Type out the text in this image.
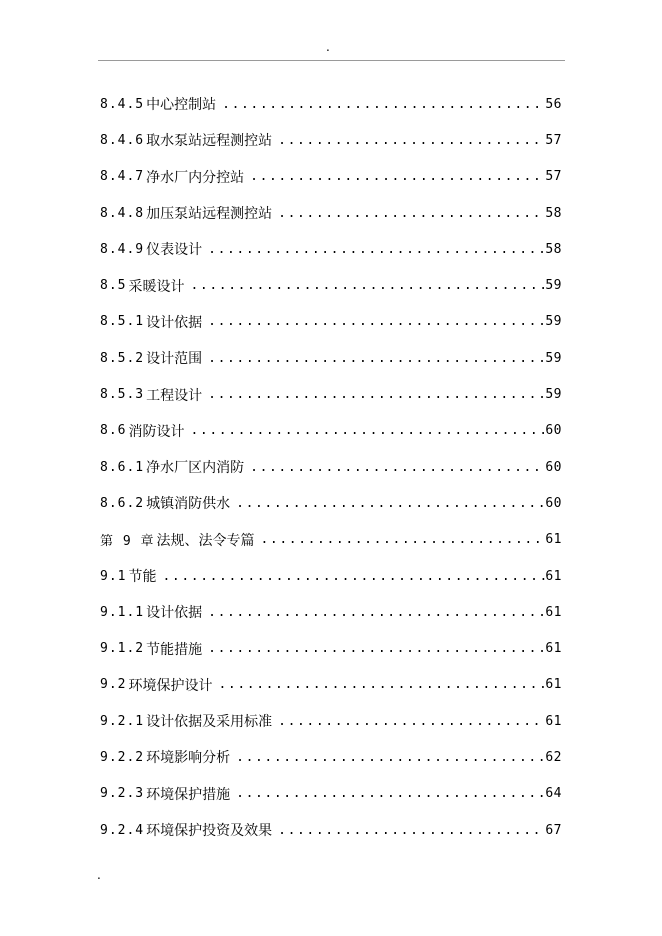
.
8.4.5 中心控制站 .....	56
8.4.6 取水泵站远程测控站 .....	57
8.4.7 净水厂内分控站 .....	57
8.4.8 加压泵站远程测控站 .....	58
8.4.9 仪表设计 .....	58
8.5 采暖设计 .....	59
8.5.1 设计依据 .....	59
8.5.2 设计范围 .....	59
8.5.3 工程设计 .....	59
8.6 消防设计 .....	60
8.6.1 净水厂区内消防 .....	60
8.6.2 城镇消防供水 .....	60
第 9 章 法规、法令专篇 .....	61
9.1 节能 .....	61
9.1.1 设计依据 .....	61
9.1.2 节能措施 .....	61
9.2 环境保护设计 .....	61
9.2.1 设计依据及采用标准 .....	61
9.2.2 环境影响分析 .....	62
9.2.3 环境保护措施 .....	64
9.2.4 环境保护投资及效果 .....	67
.
